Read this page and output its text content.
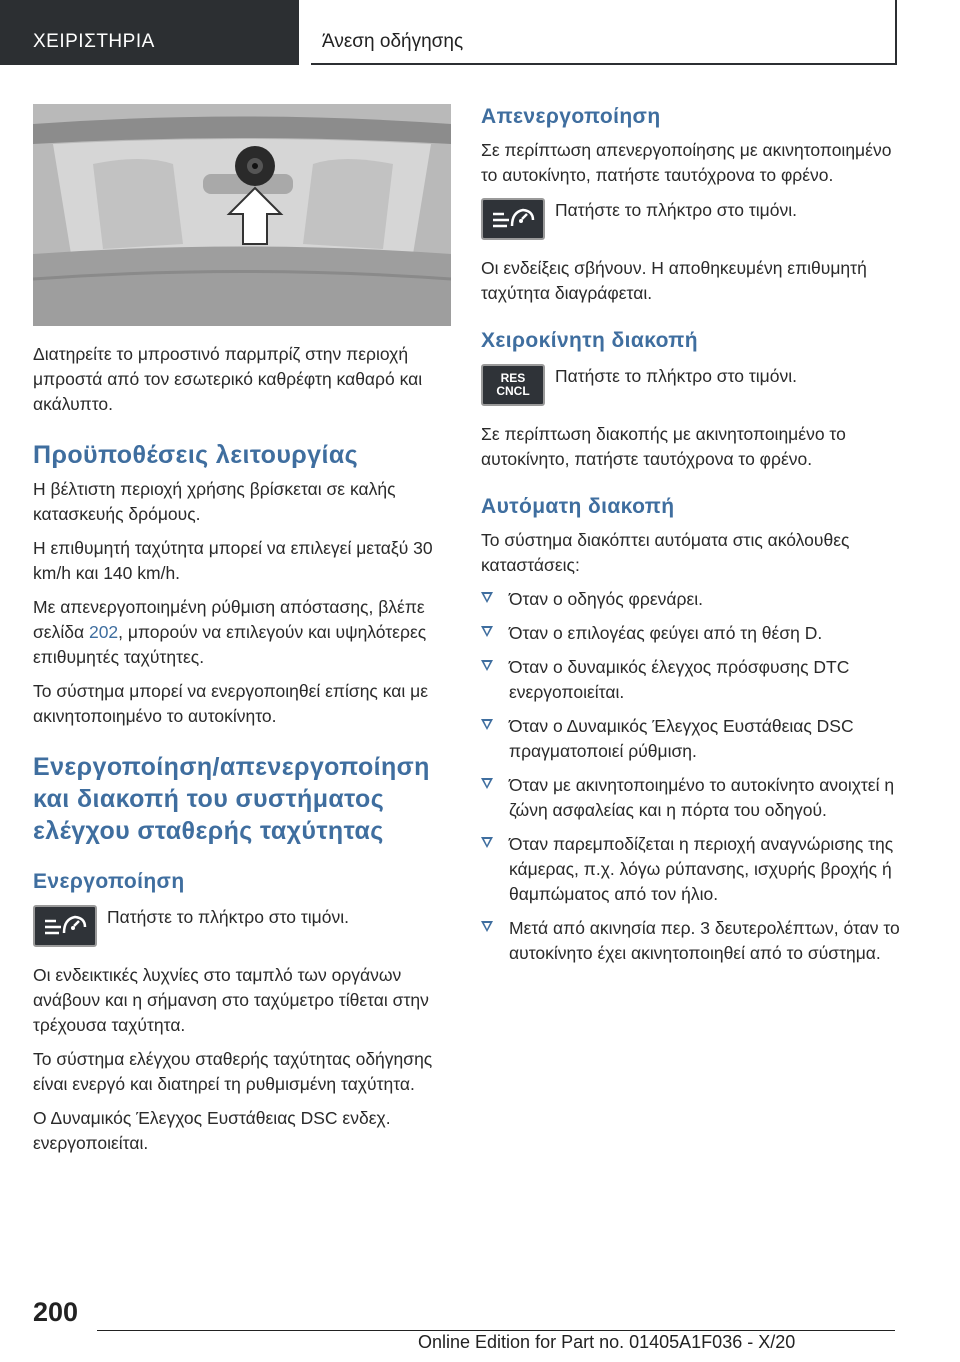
ΧΕΙΡΙΣΤΗΡΙΑ	Άνεση οδήγησης

Διατηρείτε το μπροστινό παρμπρίζ στην περιοχή μπροστά από τον εσωτερικό καθρέφτη καθαρό και ακάλυπτο.

Προϋποθέσεις λειτουργίας

Η βέλτιστη περιοχή χρήσης βρίσκεται σε καλής κατασκευής δρόμους.

Η επιθυμητή ταχύτητα μπορεί να επιλεγεί μεταξύ 30 km/h και 140 km/h.

Με απενεργοποιημένη ρύθμιση απόστασης, βλέπε σελίδα 202, μπορούν να επιλεγούν και υψηλότερες επιθυμητές ταχύτητες.

Το σύστημα μπορεί να ενεργοποιηθεί επίσης και με ακινητοποιημένο το αυτοκίνητο.

Ενεργοποίηση/απενεργοποίηση και διακοπή του συστήματος ελέγχου σταθερής ταχύτητας
Ενεργοποίηση
Πατήστε το πλήκτρο στο τιμόνι.

Οι ενδεικτικές λυχνίες στο ταμπλό των οργάνων ανάβουν και η σήμανση στο ταχύμετρο τίθεται στην τρέχουσα ταχύτητα.

Το σύστημα ελέγχου σταθερής ταχύτητας οδήγησης είναι ενεργό και διατηρεί τη ρυθμισμένη ταχύτητα.

Ο Δυναμικός Έλεγχος Ευστάθειας DSC ενδεχ. ενεργοποιείται.

Απενεργοποίηση

Σε περίπτωση απενεργοποίησης με ακινητοποιημένο το αυτοκίνητο, πατήστε ταυτόχρονα το φρένο.

Πατήστε το πλήκτρο στο τιμόνι.

Οι ενδείξεις σβήνουν. Η αποθηκευμένη επιθυμητή ταχύτητα διαγράφεται.

Χειροκίνητη διακοπή
RES
CNCL
Πατήστε το πλήκτρο στο τιμόνι.

Σε περίπτωση διακοπής με ακινητοποιημένο το αυτοκίνητο, πατήστε ταυτόχρονα το φρένο.

Αυτόματη διακοπή

Το σύστημα διακόπτει αυτόματα στις ακόλουθες καταστάσεις:

Όταν ο οδηγός φρενάρει.
Όταν ο επιλογέας φεύγει από τη θέση D.
Όταν ο δυναμικός έλεγχος πρόσφυσης DTC ενεργοποιείται.
Όταν ο Δυναμικός Έλεγχος Ευστάθειας DSC πραγματοποιεί ρύθμιση.
Όταν με ακινητοποιημένο το αυτοκίνητο ανοιχτεί η ζώνη ασφαλείας και η πόρτα του οδηγού.
Όταν παρεμποδίζεται η περιοχή αναγνώρισης της κάμερας, π.χ. λόγω ρύπανσης, ισχυρής βροχής ή θαμπώματος από τον ήλιο.
Μετά από ακινησία περ. 3 δευτερολέπτων, όταν το αυτοκίνητο έχει ακινητοποιηθεί από το σύστημα.
200
Online Edition for Part no. 01405A1F036 - X/20
